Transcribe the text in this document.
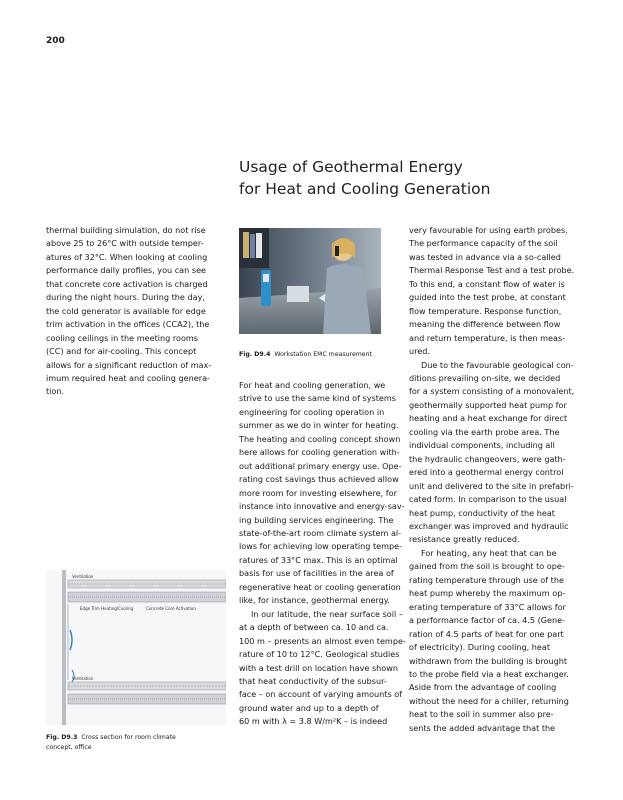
200
Usage of Geothermal Energy
for Heat and Cooling Generation
Fig. D9.4 Workstation EMC measurement

thermal building simulation, do not rise
above 25 to 26°C with outside temper-
atures of 32°C. When looking at cooling
performance daily profiles, you can see
that concrete core activation is charged
during the night hours. During the day,
the cold generator is available for edge
trim activation in the offices (CCA2), the
cooling ceilings in the meeting rooms
(CC) and for air-cooling. This concept
allows for a significant reduction of max-
imum required heat and cooling genera-
tion.

For heat and cooling generation, we
strive to use the same kind of systems
engineering for cooling operation in
summer as we do in winter for heating.
The heating and cooling concept shown
here allows for cooling generation with-
out additional primary energy use. Ope-
rating cost savings thus achieved allow
more room for investing elsewhere, for
instance into innovative and energy-sav-
ing building services engineering. The
state-of-the-art room climate system al-
lows for achieving low operating tempe-
ratures of 33°C max. This is an optimal
basis for use of facilities in the area of
regenerative heat or cooling generation
like, for instance, geothermal energy.

In our latitude, the near surface soil –
at a depth of between ca. 10 and ca.
100 m – presents an almost even tempe-
rature of 10 to 12°C. Geological studies
with a test drill on location have shown
that heat conductivity of the subsur-
face – on account of varying amounts of
ground water and up to a depth of
60 m with λ = 3.8 W/m²K – is indeed

very favourable for using earth probes.
The performance capacity of the soil
was tested in advance via a so-called
Thermal Response Test and a test probe.
To this end, a constant flow of water is
guided into the test probe, at constant
flow temperature. Response function,
meaning the difference between flow
and return temperature, is then meas-
ured.

Due to the favourable geological con-
ditions prevailing on-site, we decided
for a system consisting of a monovalent,
geothermally supported heat pump for
heating and a heat exchange for direct
cooling via the earth probe area. The
individual components, including all
the hydraulic changeovers, were gath-
ered into a geothermal energy control
unit and delivered to the site in prefabri-
cated form. In comparison to the usual
heat pump, conductivity of the heat
exchanger was improved and hydraulic
resistance greatly reduced.

For heating, any heat that can be
gained from the soil is brought to ope-
rating temperature through use of the
heat pump whereby the maximum op-
erating temperature of 33°C allows for
a performance factor of ca. 4.5 (Gene-
ration of 4.5 parts of heat for one part
of electricity). During cooling, heat
withdrawn from the building is brought
to the probe field via a heat exchanger.
Aside from the advantage of cooling
without the need for a chiller, returning
heat to the soil in summer also pre-
sents the added advantage that the

Ventilation
Edge Trim Heating/Cooling	Concrete Core Activation
Ventilation
Fig. D9.3 Cross section for room climate
concept, office
